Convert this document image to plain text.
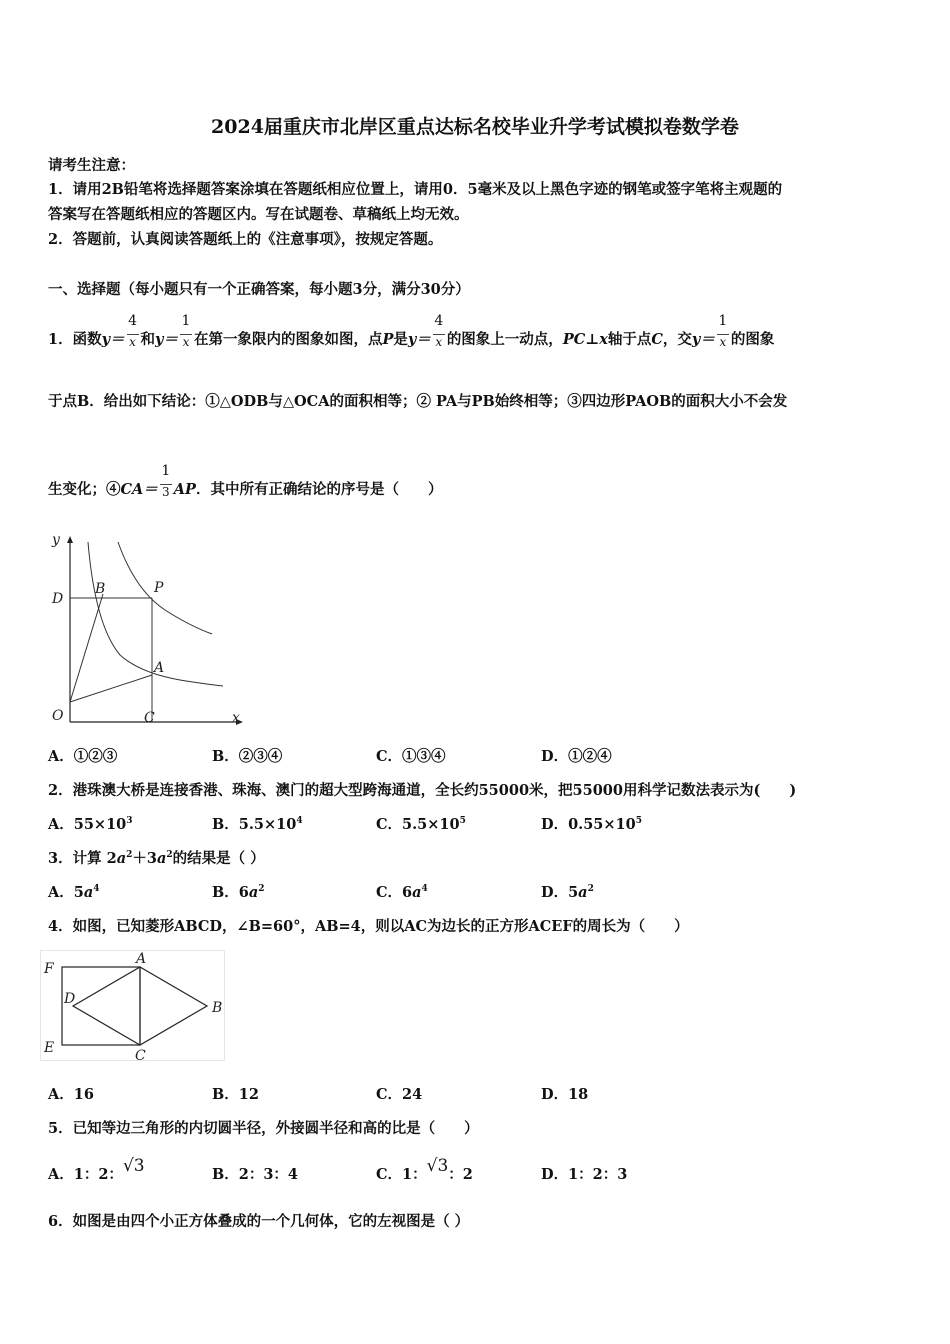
2024届重庆市北岸区重点达标名校毕业升学考试模拟卷数学卷
请考生注意：
1．请用2B铅笔将选择题答案涂填在答题纸相应位置上，请用0．5毫米及以上黑色字迹的钢笔或签字笔将主观题的
答案写在答题纸相应的答题区内。写在试题卷、草稿纸上均无效。
2．答题前，认真阅读答题纸上的《注意事项》，按规定答题。
一、选择题（每小题只有一个正确答案，每小题3分，满分30分）
1．函数$y= \frac{4}{x}$ 和$y= \frac{1}{x}$ 在第一象限内的图象如图，点P是$y= \frac{4}{x}$ 的图象上一动点，PC⊥x轴于点C，交$y= \frac{1}{x}$ 的图象
于点B．给出如下结论：①△ODB与△OCA的面积相等；② PA与PB始终相等；③四边形PAOB的面积大小不会发
生变化；④CA＝ $\frac{1}{3}$ AP．其中所有正确结论的序号是（　　）
y
D
B	P
A
O	C	x
A．①②③	B．②③④	C．①③④	D．①②④
2．港珠澳大桥是连接香港、珠海、澳门的超大型跨海通道，全长约55000米，把55000用科学记数法表示为(　　)
A．$55\times 10^3$	B．$5.5\times 10^4$	C．$5.5\times 10^5$	D．$0.55\times 10^5$
3．计算 $2a^2+3a^2$的结果是（ ）
A．$5a^4$	B．$6a^2$	C．$6a^4$	D．$5a^2$
4．如图，已知菱形ABCD，∠B=60°，AB=4，则以AC为边长的正方形ACEF的周长为（　　）
F
A
D
B
E	C
A．16	B．12	C．24	D．18
5．已知等边三角形的内切圆半径，外接圆半径和高的比是（　　）
A．1：2：√3	B．2：3：4	C．1：√3：2	D．1：2：3
6．如图是由四个小正方体叠成的一个几何体，它的左视图是（ ）
